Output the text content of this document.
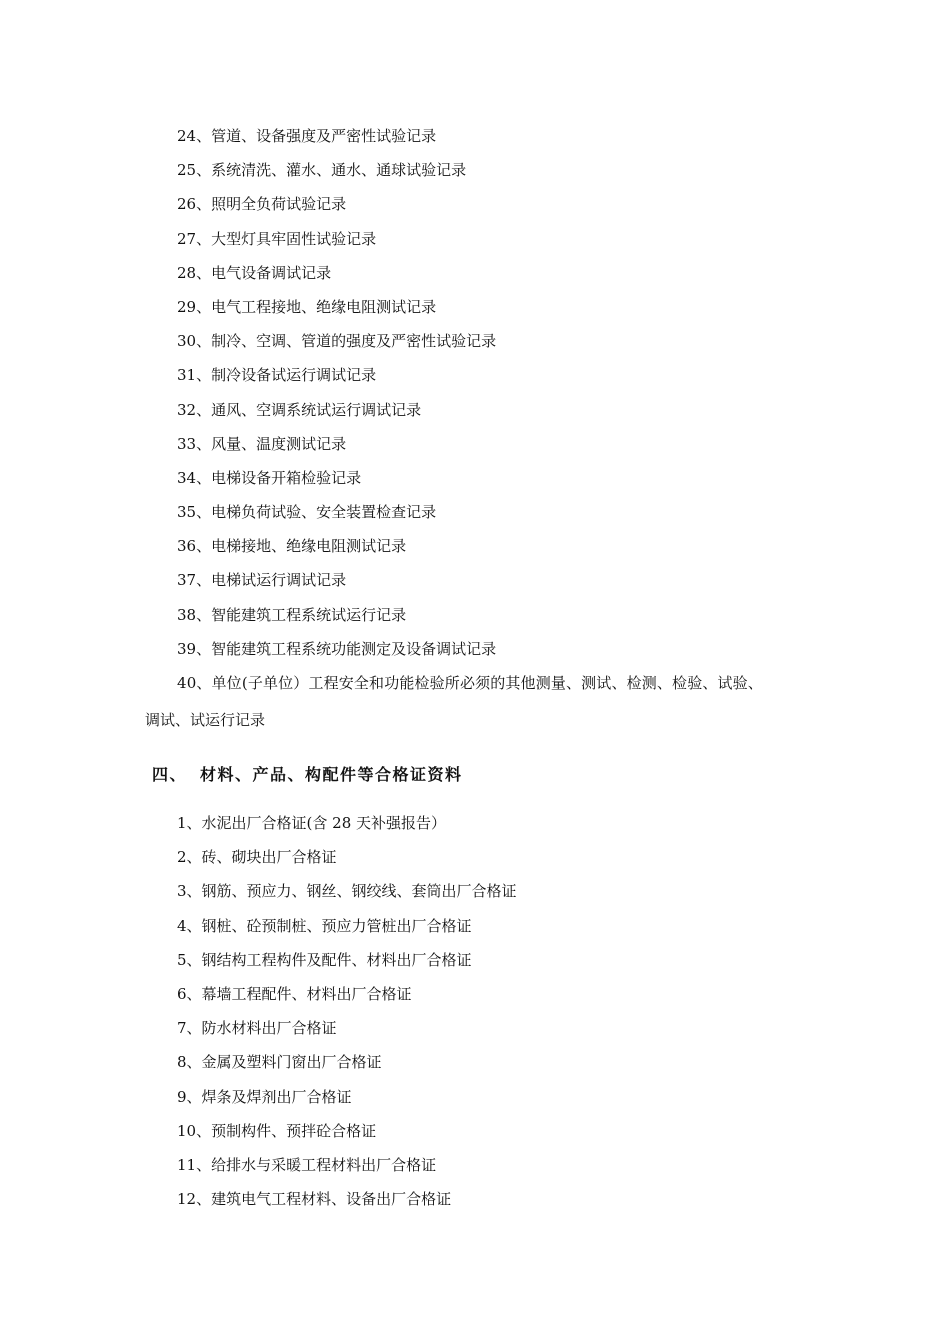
24、管道、设备强度及严密性试验记录
25、系统清洗、灌水、通水、通球试验记录
26、照明全负荷试验记录
27、大型灯具牢固性试验记录
28、电气设备调试记录
29、电气工程接地、绝缘电阻测试记录
30、制冷、空调、管道的强度及严密性试验记录
31、制冷设备试运行调试记录
32、通风、空调系统试运行调试记录
33、风量、温度测试记录
34、电梯设备开箱检验记录
35、电梯负荷试验、安全装置检查记录
36、电梯接地、绝缘电阻测试记录
37、电梯试运行调试记录
38、智能建筑工程系统试运行记录
39、智能建筑工程系统功能测定及设备调试记录
40、单位(子单位）工程安全和功能检验所必须的其他测量、测试、检测、检验、试验、
调试、试运行记录
四、 材料、产品、构配件等合格证资料
1、水泥出厂合格证(含 28 天补强报告）
2、砖、砌块出厂合格证
3、钢筋、预应力、钢丝、钢绞线、套筒出厂合格证
4、钢桩、砼预制桩、预应力管桩出厂合格证
5、钢结构工程构件及配件、材料出厂合格证
6、幕墙工程配件、材料出厂合格证
7、防水材料出厂合格证
8、金属及塑料门窗出厂合格证
9、焊条及焊剂出厂合格证
10、预制构件、预拌砼合格证
11、给排水与采暖工程材料出厂合格证
12、建筑电气工程材料、设备出厂合格证
